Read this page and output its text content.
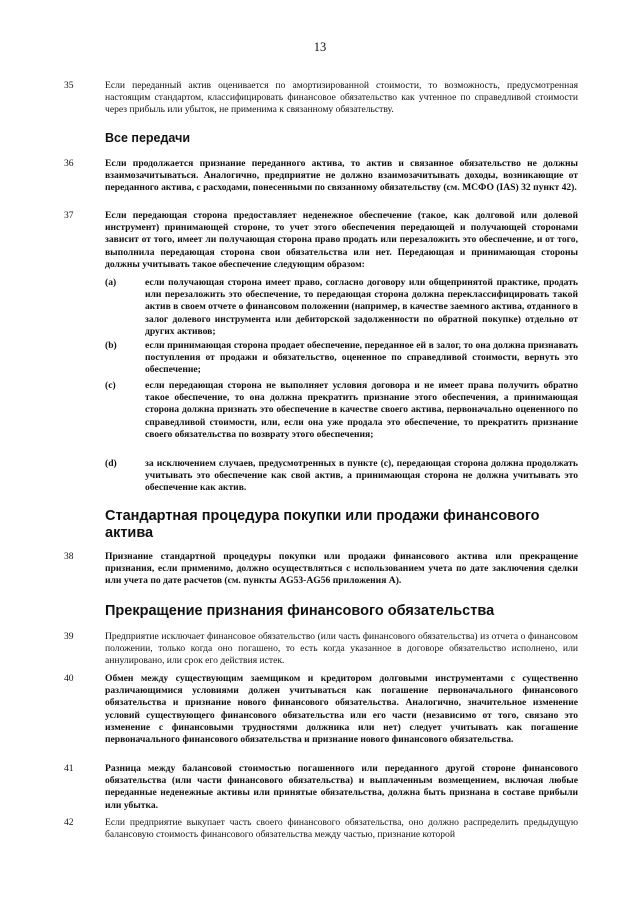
13
35	Если переданный актив оценивается по амортизированной стоимости, то возможность, предусмотренная настоящим стандартом, классифицировать финансовое обязательство как учтенное по справедливой стоимости через прибыль или убыток, не применима к связанному обязательству.
Все передачи
36	Если продолжается признание переданного актива, то актив и связанное обязательство не должны взаимозачитываться. Аналогично, предприятие не должно взаимозачитывать доходы, возникающие от переданного актива, с расходами, понесенными по связанному обязательству (см. МСФО (IAS) 32 пункт 42).
37	Если передающая сторона предоставляет неденежное обеспечение (такое, как долговой или долевой инструмент) принимающей стороне, то учет этого обеспечения передающей и получающей сторонами зависит от того, имеет ли получающая сторона право продать или перезаложить это обеспечение, и от того, выполнила передающая сторона свои обязательства или нет. Передающая и принимающая стороны должны учитывать такое обеспечение следующим образом:
(a)	если получающая сторона имеет право, согласно договору или общепринятой практике, продать или перезаложить это обеспечение, то передающая сторона должна переклассифицировать такой актив в своем отчете о финансовом положении (например, в качестве заемного актива, отданного в залог долевого инструмента или дебиторской задолженности по обратной покупке) отдельно от других активов;
(b)	если принимающая сторона продает обеспечение, переданное ей в залог, то она должна признавать поступления от продажи и обязательство, оцененное по справедливой стоимости, вернуть это обеспечение;
(c)	если передающая сторона не выполняет условия договора и не имеет права получить обратно такое обеспечение, то она должна прекратить признание этого обеспечения, а принимающая сторона должна признать это обеспечение в качестве своего актива, первоначально оцененного по справедливой стоимости, или, если она уже продала это обеспечение, то прекратить признание своего обязательства по возврату этого обеспечения;
(d)	за исключением случаев, предусмотренных в пункте (c), передающая сторона должна продолжать учитывать это обеспечение как свой актив, а принимающая сторона не должна учитывать это обеспечение как актив.
Стандартная процедура покупки или продажи финансового актива
38	Признание стандартной процедуры покупки или продажи финансового актива или прекращение признания, если применимо, должно осуществляться с использованием учета по дате заключения сделки или учета по дате расчетов (см. пункты AG53-AG56 приложения A).
Прекращение признания финансового обязательства
39	Предприятие исключает финансовое обязательство (или часть финансового обязательства) из отчета о финансовом положении, только когда оно погашено, то есть когда указанное в договоре обязательство исполнено, или аннулировано, или срок его действия истек.
40	Обмен между существующим заемщиком и кредитором долговыми инструментами с существенно различающимися условиями должен учитываться как погашение первоначального финансового обязательства и признание нового финансового обязательства. Аналогично, значительное изменение условий существующего финансового обязательства или его части (независимо от того, связано это изменение с финансовыми трудностями должника или нет) следует учитывать как погашение первоначального финансового обязательства и признание нового финансового обязательства.
41	Разница между балансовой стоимостью погашенного или переданного другой стороне финансового обязательства (или части финансового обязательства) и выплаченным возмещением, включая любые переданные неденежные активы или принятые обязательства, должна быть признана в составе прибыли или убытка.
42	Если предприятие выкупает часть своего финансового обязательства, оно должно распределить предыдущую балансовую стоимость финансового обязательства между частью, признание которой
